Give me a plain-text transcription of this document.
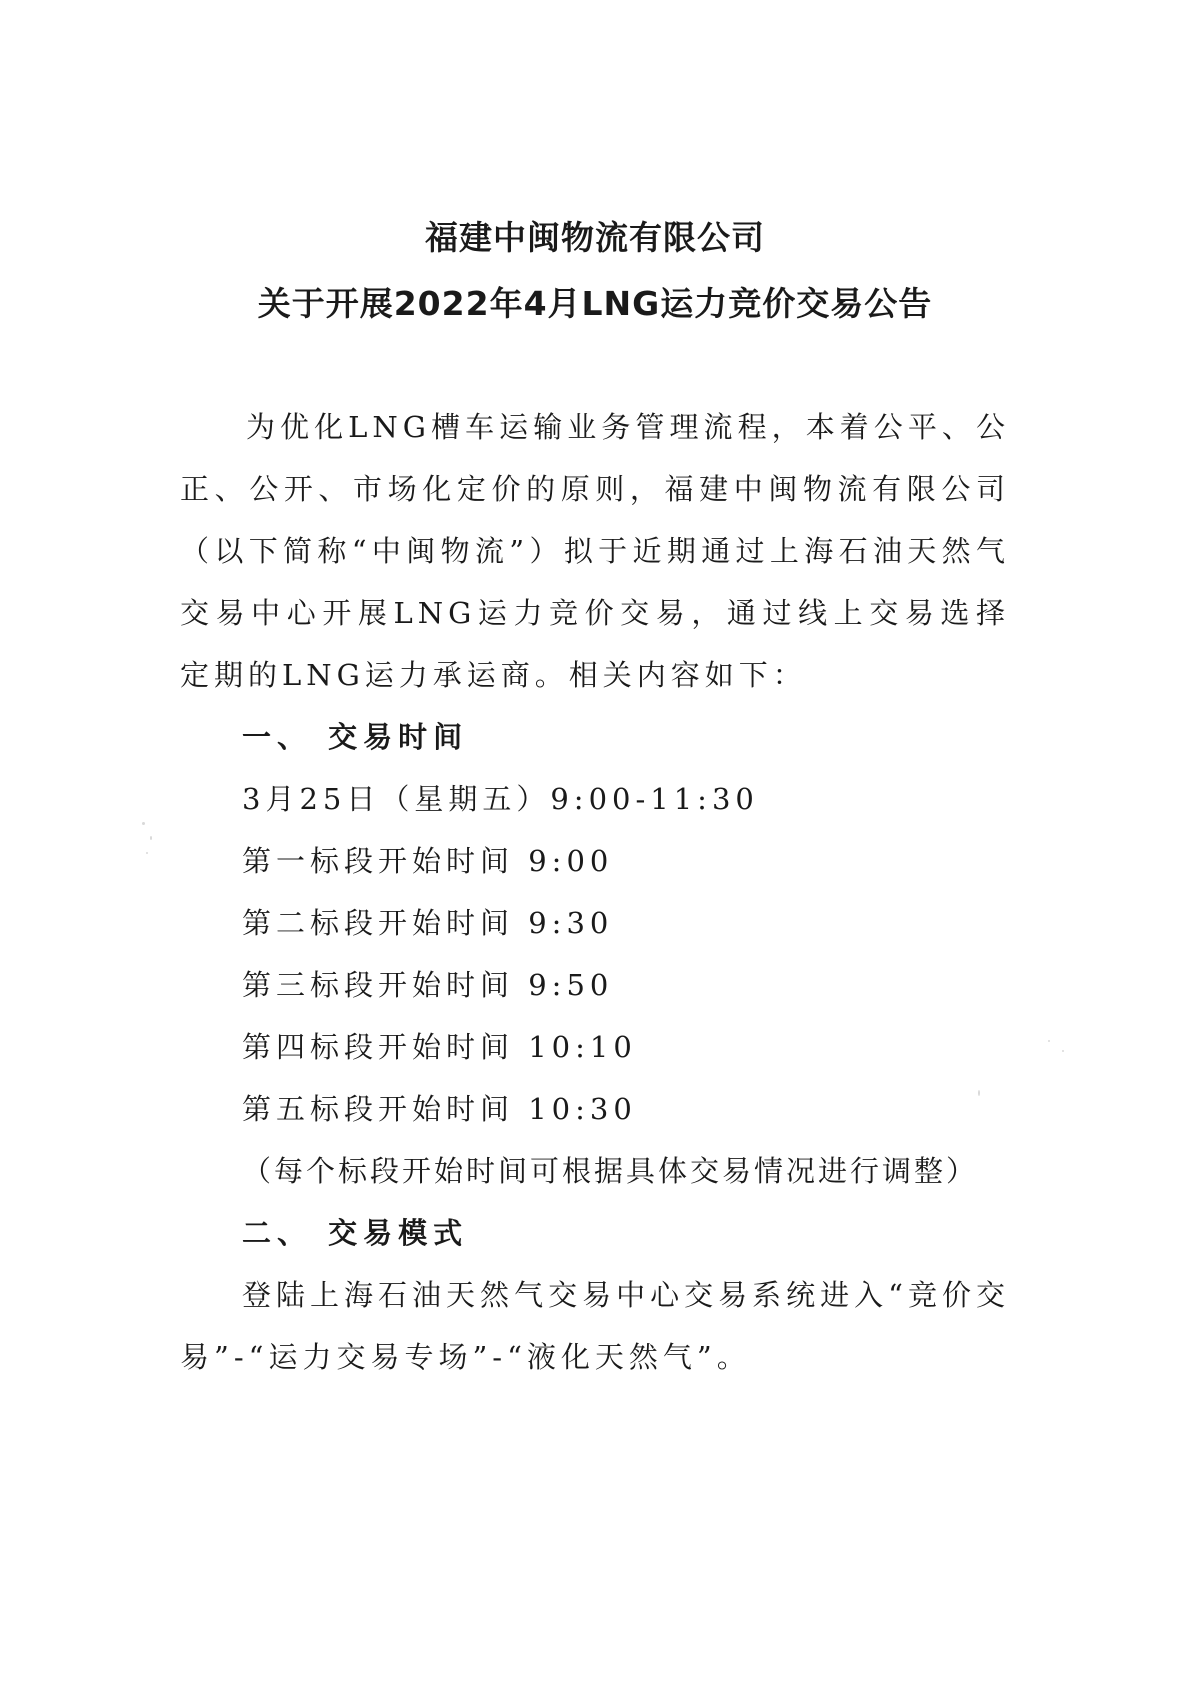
福建中闽物流有限公司
关于开展2022年4月LNG运力竞价交易公告

为优化LNG槽车运输业务管理流程，本着公平、公正、公开、市场化定价的原则，福建中闽物流有限公司（以下简称“中闽物流”）拟于近期通过上海石油天然气交易中心开展LNG运力竞价交易，通过线上交易选择定期的LNG运力承运商。相关内容如下：

一、 交易时间

3月25日（星期五）9:00-11:30

第一标段开始时间 9:00

第二标段开始时间 9:30

第三标段开始时间 9:50

第四标段开始时间 10:10

第五标段开始时间 10:30

（每个标段开始时间可根据具体交易情况进行调整）

二、 交易模式

登陆上海石油天然气交易中心交易系统进入“竞价交易”-“运力交易专场”-“液化天然气”。
